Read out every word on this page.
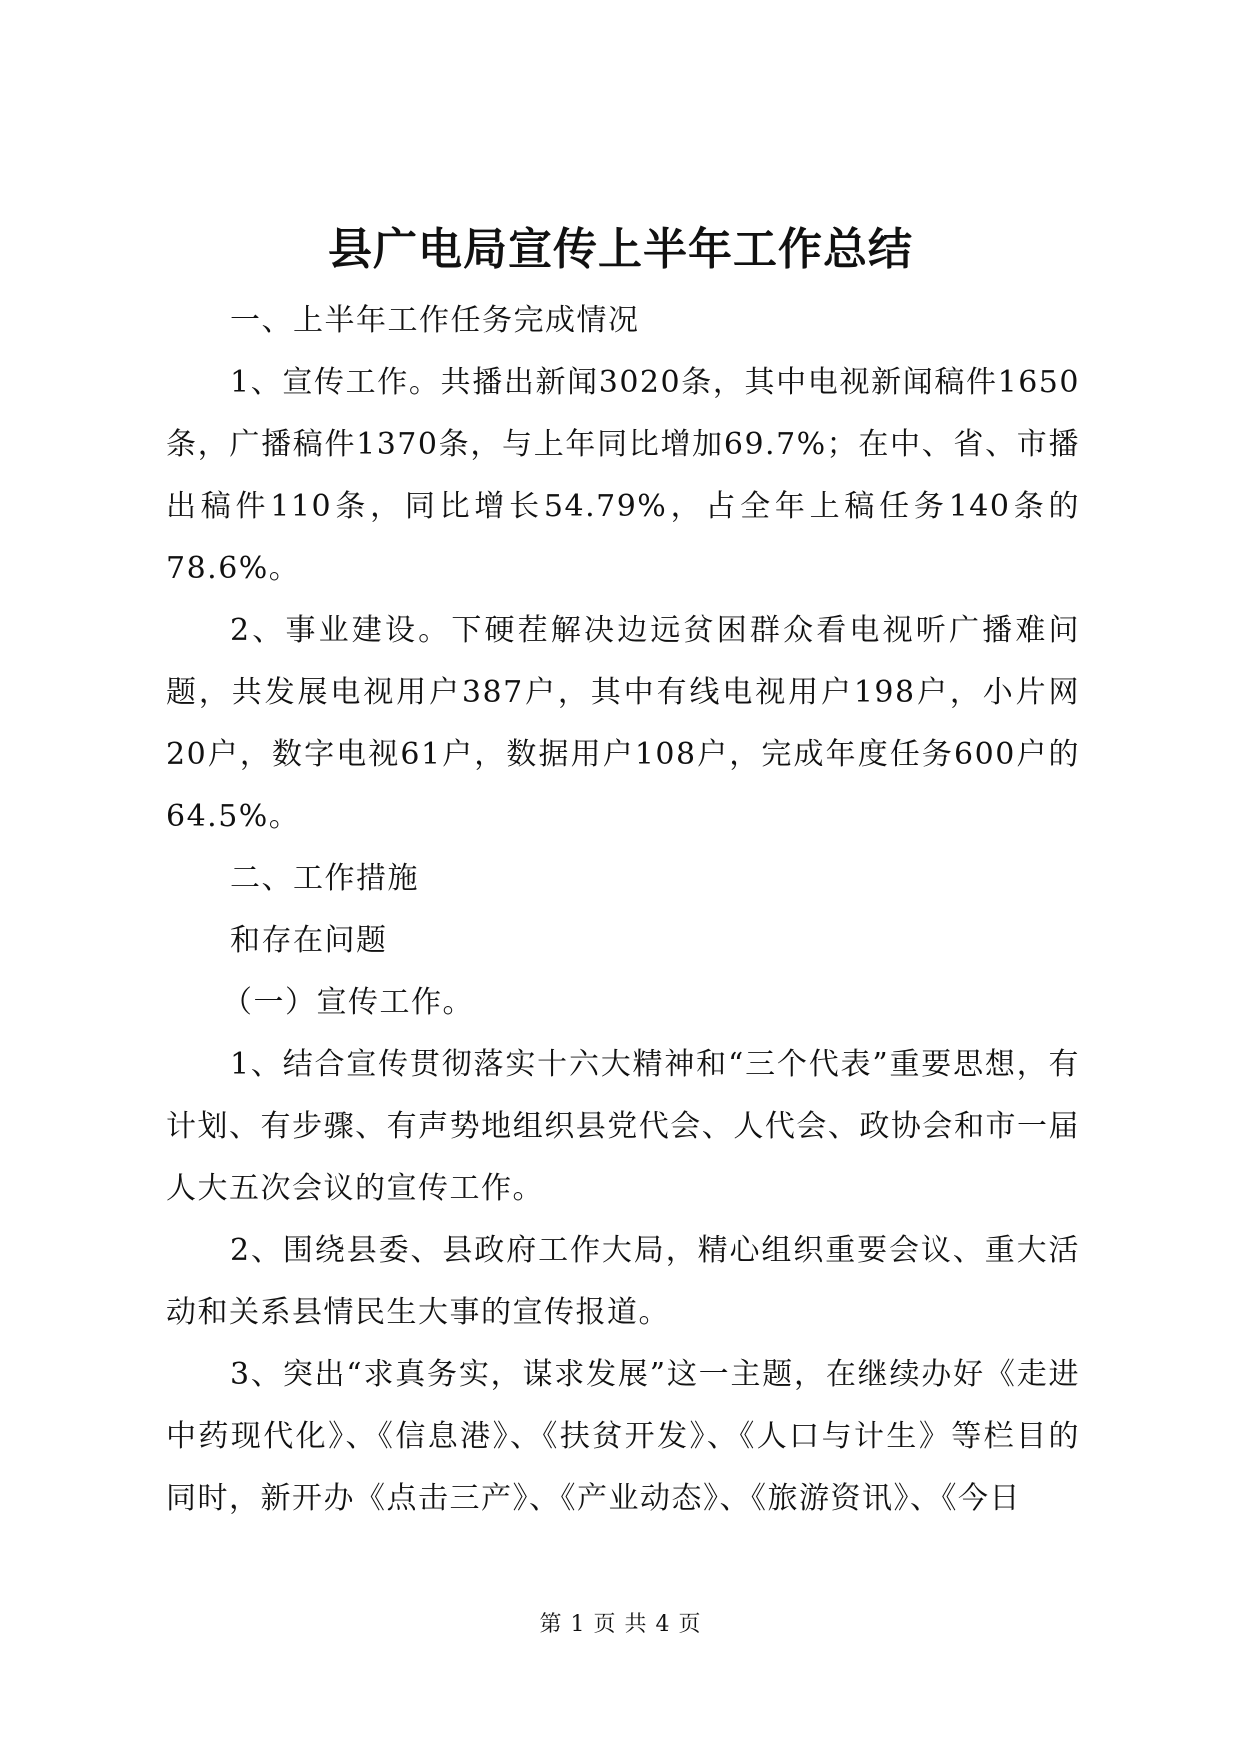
县广电局宣传上半年工作总结

一、上半年工作任务完成情况

1、宣传工作。共播出新闻3020条，其中电视新闻稿件1650条，广播稿件1370条，与上年同比增加69.7%；在中、省、市播出稿件110条，同比增长54.79%，占全年上稿任务140条的78.6%。

2、事业建设。下硬茬解决边远贫困群众看电视听广播难问题，共发展电视用户387户，其中有线电视用户198户，小片网20户，数字电视61户，数据用户108户，完成年度任务600户的64.5%。

二、工作措施

和存在问题

（一）宣传工作。

1、结合宣传贯彻落实十六大精神和“三个代表”重要思想，有计划、有步骤、有声势地组织县党代会、人代会、政协会和市一届人大五次会议的宣传工作。

2、围绕县委、县政府工作大局，精心组织重要会议、重大活动和关系县情民生大事的宣传报道。

3、突出“求真务实，谋求发展”这一主题，在继续办好《走进中药现代化》、《信息港》、《扶贫开发》、《人口与计生》等栏目的同时，新开办《点击三产》、《产业动态》、《旅游资讯》、《今日

第 1 页 共 4 页
